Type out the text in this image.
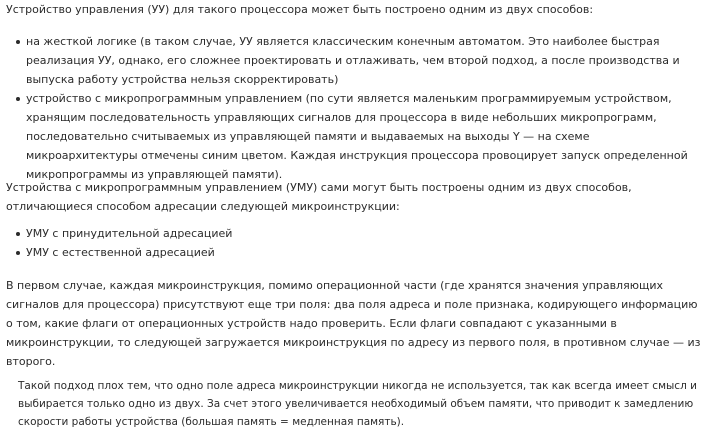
Устройство управления (УУ) для такого процессора может быть построено одним из двух способов:

на жесткой логике (в таком случае, УУ является классическим конечным автоматом. Это наиболее быстрая реализация УУ, однако, его сложнее проектировать и отлаживать, чем второй подход, а после производства и выпуска работу устройства нельзя скорректировать)
устройство с микропрограммным управлением (по сути является маленьким программируемым устройством, хранящим последовательность управляющих сигналов для процессора в виде небольших микропрограмм, последовательно считываемых из управляющей памяти и выдаваемых на выходы Y — на схеме микроархитектуры отмечены синим цветом. Каждая инструкция процессора провоцирует запуск определенной микропрограммы из управляющей памяти).

Устройства с микропрограммным управлением (УМУ) сами могут быть построены одним из двух способов, отличающиеся способом адресации следующей микроинструкции:

УМУ с принудительной адресацией
УМУ с естественной адресацией

В первом случае, каждая микроинструкция, помимо операционной части (где хранятся значения управляющих сигналов для процессора) присутствуют еще три поля: два поля адреса и поле признака, кодирующего информацию о том, какие флаги от операционных устройств надо проверить. Если флаги совпадают с указанными в микроинструкции, то следующей загружается микроинструкция по адресу из первого поля, в противном случае — из второго.

Такой подход плох тем, что одно поле адреса микроинструкции никогда не используется, так как всегда имеет смысл и выбирается только одно из двух. За счет этого увеличивается необходимый объем памяти, что приводит к замедлению скорости работы устройства (большая память = медленная память).
